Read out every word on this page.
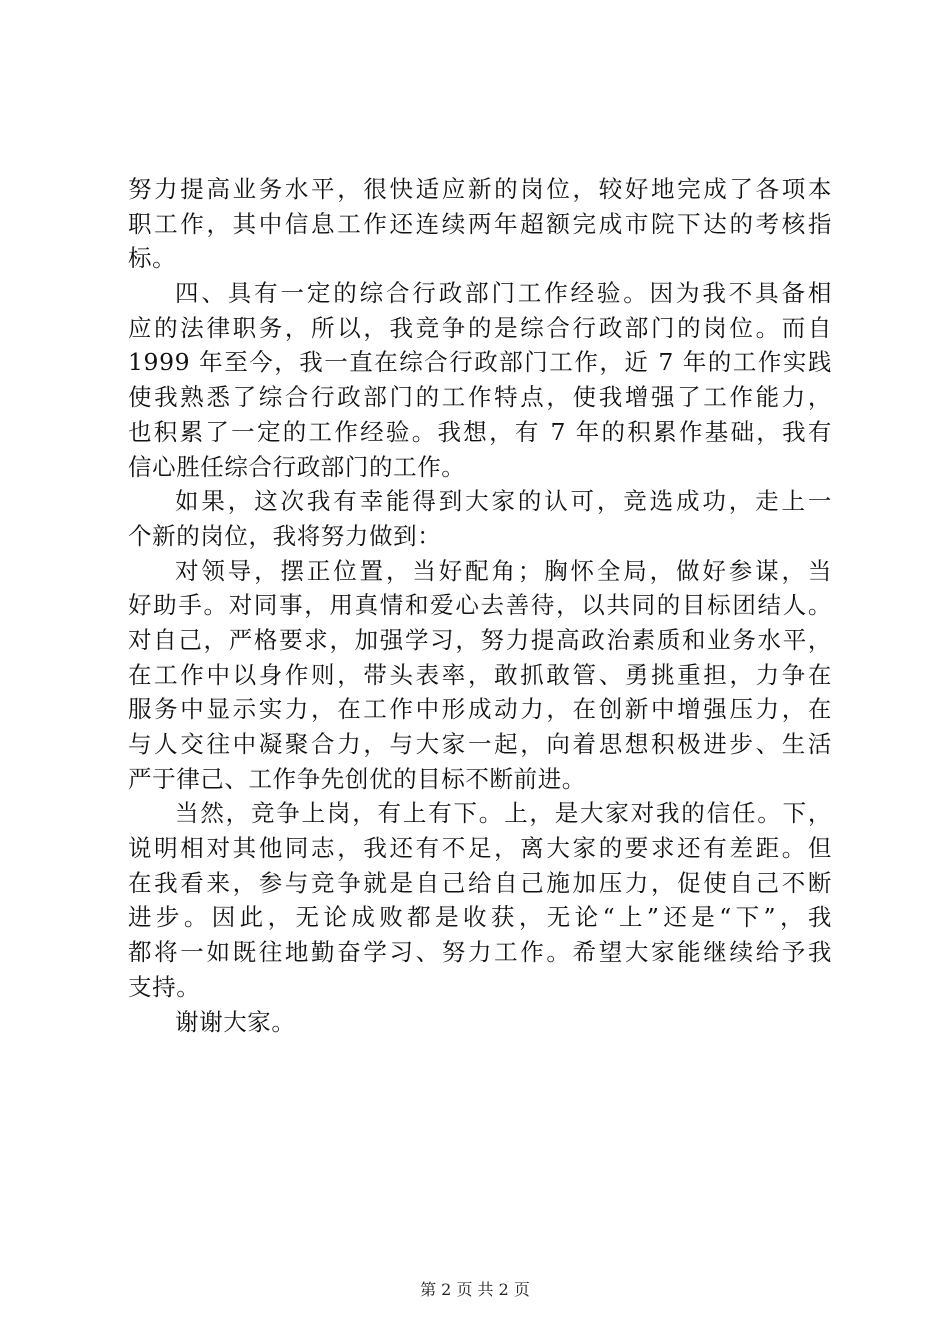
努力提高业务水平，很快适应新的岗位，较好地完成了各项本
职工作，其中信息工作还连续两年超额完成市院下达的考核指
标。
四、具有一定的综合行政部门工作经验。因为我不具备相
应的法律职务，所以，我竞争的是综合行政部门的岗位。而自
1999 年至今，我一直在综合行政部门工作，近 7 年的工作实践
使我熟悉了综合行政部门的工作特点，使我增强了工作能力，
也积累了一定的工作经验。我想，有 7 年的积累作基础，我有
信心胜任综合行政部门的工作。
如果，这次我有幸能得到大家的认可，竞选成功，走上一
个新的岗位，我将努力做到：
对领导，摆正位置，当好配角；胸怀全局，做好参谋，当
好助手。对同事，用真情和爱心去善待，以共同的目标团结人。
对自己，严格要求，加强学习，努力提高政治素质和业务水平，
在工作中以身作则，带头表率，敢抓敢管、勇挑重担，力争在
服务中显示实力，在工作中形成动力，在创新中增强压力，在
与人交往中凝聚合力，与大家一起，向着思想积极进步、生活
严于律己、工作争先创优的目标不断前进。
当然，竞争上岗，有上有下。上，是大家对我的信任。下，
说明相对其他同志，我还有不足，离大家的要求还有差距。但
在我看来，参与竞争就是自己给自己施加压力，促使自己不断
进步。因此，无论成败都是收获，无论“上”还是“下”，我
都将一如既往地勤奋学习、努力工作。希望大家能继续给予我
支持。
谢谢大家。
第 2 页 共 2 页
